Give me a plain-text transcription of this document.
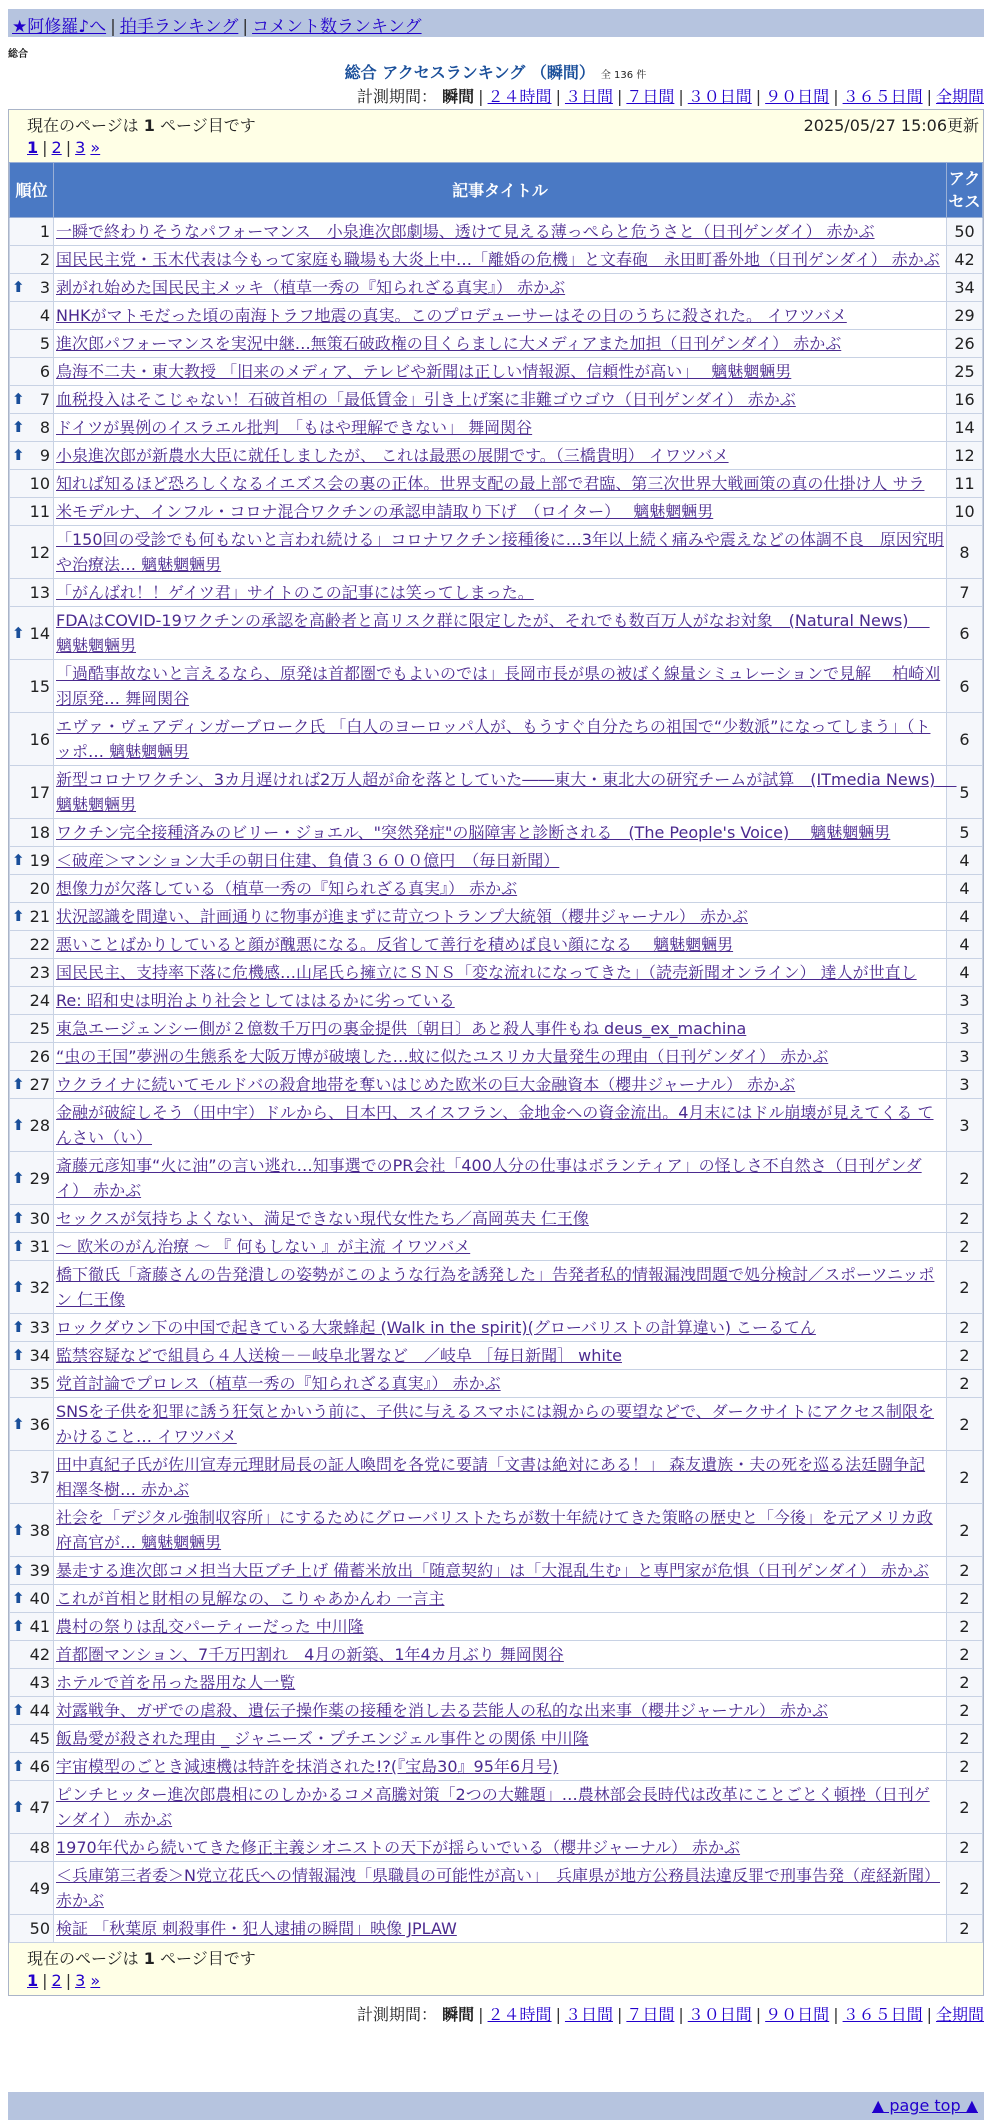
★阿修羅♪へ | 拍手ランキング | コメント数ランキング
総合
総合 アクセスランキング （瞬間） 全 136 件
計測期間： 瞬間 | ２４時間 | ３日間 | ７日間 | ３０日間 | ９０日間 | ３６５日間 | 全期間
現在のページは 1 ページ目です	2025/05/27 15:06更新
1 | 2 | 3 »
順位	記事タイトル	アクセス
1	一瞬で終わりそうなパフォーマンス　小泉進次郎劇場、透けて見える薄っぺらと危うさと（日刊ゲンダイ） 赤かぶ	50
2	国民民主党・玉木代表は今もって家庭も職場も大炎上中…「離婚の危機」と文春砲　永田町番外地（日刊ゲンダイ） 赤かぶ	42

⬆ 3	剥がれ始めた国民民主メッキ（植草一秀の『知られざる真実』） 赤かぶ	34
4	NHKがマトモだった頃の南海トラフ地震の真実。このプロデューサーはその日のうちに殺された。 イワツバメ	29
5	進次郎パフォーマンスを実況中継…無策石破政権の目くらましに大メディアまた加担（日刊ゲンダイ） 赤かぶ	26
6	鳥海不二夫・東大教授 「旧来のメディア、テレビや新聞は正しい情報源、信頼性が高い」　 魑魅魍魎男	25

⬆ 7	血税投入はそこじゃない！石破首相の「最低賃金」引き上げ案に非難ゴウゴウ（日刊ゲンダイ） 赤かぶ	16

⬆ 8	ドイツが異例のイスラエル批判　「もはや理解できない」 舞岡関谷	14

⬆ 9	小泉進次郎が新農水大臣に就任しましたが、 これは最悪の展開です。（三橋貴明） イワツバメ	12
10	知れば知るほど恐ろしくなるイエズス会の裏の正体。世界支配の最上部で君臨、第三次世界大戦画策の真の仕掛け人 サラ	11
11	米モデルナ、インフル・コロナ混合ワクチンの承認申請取り下げ　（ロイター）　 魑魅魍魎男	10
12	「150回の受診でも何もないと言われ続ける」コロナワクチン接種後に…3年以上続く痛みや震えなどの体調不良　原因究明や治療法… 魑魅魍魎男	8
13	「がんばれ！！ゲイツ君」サイトのこの記事には笑ってしまった。	7

⬆ 14	FDAはCOVID-19ワクチンの承認を高齢者と高リスク群に限定したが、それでも数百万人がなお対象　(Natural News)　 魑魅魍魎男	6
15	「過酷事故ないと言えるなら、原発は首都圏でもよいのでは」長岡市長が県の被ばく線量シミュレーションで見解　 柏崎刈羽原発… 舞岡関谷	6
16	エヴァ・ヴェアディンガーブローク氏 「白人のヨーロッパ人が、もうすぐ自分たちの祖国で“少数派”になってしまう」（トッポ… 魑魅魍魎男	6
17	新型コロナワクチン、3カ月遅ければ2万人超が命を落としていた――東大・東北大の研究チームが試算　(ITmedia News)　 魑魅魍魎男	5
18	ワクチン完全接種済みのビリー・ジョエル、"突然発症"の脳障害と診断される　(The People's Voice)　 魑魅魍魎男	5

⬆ 19	＜破産＞マンション大手の朝日住建、負債３６００億円　（毎日新聞）	4
20	想像力が欠落している（植草一秀の『知られざる真実』） 赤かぶ	4

⬆ 21	状況認識を間違い、計画通りに物事が進まずに苛立つトランプ大統領（櫻井ジャーナル） 赤かぶ	4
22	悪いことばかりしていると顔が醜悪になる。反省して善行を積めば良い顔になる　 魑魅魍魎男	4
23	国民民主、支持率下落に危機感…山尾氏ら擁立にＳＮＳ「変な流れになってきた」（読売新聞オンライン） 達人が世直し	4
24	Re: 昭和史は明治より社会としてははるかに劣っている	3
25	東急エージェンシー側が２億数千万円の裏金提供〔朝日〕あと殺人事件もね deus_ex_machina	3
26	“虫の王国”夢洲の生態系を大阪万博が破壊した…蚊に似たユスリカ大量発生の理由（日刊ゲンダイ） 赤かぶ	3

⬆ 27	ウクライナに続いてモルドバの殺倉地帯を奪いはじめた欧米の巨大金融資本（櫻井ジャーナル） 赤かぶ	3

⬆ 28	金融が破綻しそう（田中宇）ドルから、日本円、スイスフラン、金地金への資金流出。4月末にはドル崩壊が見えてくる てんさい（い）	3

⬆ 29	斎藤元彦知事“火に油”の言い逃れ…知事選でのPR会社「400人分の仕事はボランティア」の怪しさ不自然さ（日刊ゲンダイ） 赤かぶ	2

⬆ 30	セックスが気持ちよくない、満足できない現代女性たち／高岡英夫 仁王像	2

⬆ 31	〜 欧米のがん治療 〜 『 何もしない 』が主流 イワツバメ	2

⬆ 32	橋下徹氏「斎藤さんの告発潰しの姿勢がこのような行為を誘発した」告発者私的情報漏洩問題で処分検討／スポーツニッポン 仁王像	2

⬆ 33	ロックダウン下の中国で起きている大衆蜂起 (Walk in the spirit)(グローバリストの計算違い) こーるてん	2

⬆ 34	監禁容疑などで組員ら４人送検－－岐阜北署など　／岐阜 ［毎日新聞］ white	2
35	党首討論でプロレス（植草一秀の『知られざる真実』） 赤かぶ	2

⬆ 36	SNSを子供を犯罪に誘う狂気とかいう前に、子供に与えるスマホには親からの要望などで、ダークサイトにアクセス制限をかけること… イワツバメ	2
37	田中真紀子氏が佐川宣寿元理財局長の証人喚問を各党に要請「文書は絶対にある！」 森友遺族・夫の死を巡る法廷闘争記 相澤冬樹… 赤かぶ	2

⬆ 38	社会を「デジタル強制収容所」にするためにグローバリストたちが数十年続けてきた策略の歴史と「今後」を元アメリカ政府高官が… 魑魅魍魎男	2

⬆ 39	暴走する進次郎コメ担当大臣ブチ上げ 備蓄米放出「随意契約」は「大混乱生む」と専門家が危惧（日刊ゲンダイ） 赤かぶ	2

⬆ 40	これが首相と財相の見解なの、こりゃあかんわ 一言主	2

⬆ 41	農村の祭りは乱交パーティーだった 中川隆	2
42	首都圏マンション、7千万円割れ　4月の新築、1年4カ月ぶり 舞岡関谷	2
43	ホテルで首を吊った器用な人一覧	2

⬆ 44	対露戦争、ガザでの虐殺、遺伝子操作薬の接種を消し去る芸能人の私的な出来事（櫻井ジャーナル） 赤かぶ	2
45	飯島愛が殺された理由 _ ジャニーズ・プチエンジェル事件との関係 中川隆	2

⬆ 46	宇宙模型のごとき減速機は特許を抹消された!?(『宝島30』95年6月号)	2

⬆ 47	ピンチヒッター進次郎農相にのしかかるコメ高騰対策「2つの大難題」…農林部会長時代は改革にことごとく頓挫（日刊ゲンダイ） 赤かぶ	2
48	1970年代から続いてきた修正主義シオニストの天下が揺らいでいる（櫻井ジャーナル） 赤かぶ	2
49	＜兵庫第三者委＞N党立花氏への情報漏洩「県職員の可能性が高い」　兵庫県が地方公務員法違反罪で刑事告発（産経新聞） 赤かぶ	2
50	検証 「秋葉原 刺殺事件・犯人逮捕の瞬間」映像 JPLAW	2
現在のページは 1 ページ目です
1 | 2 | 3 »
計測期間： 瞬間 | ２４時間 | ３日間 | ７日間 | ３０日間 | ９０日間 | ３６５日間 | 全期間
▲ page top ▲
